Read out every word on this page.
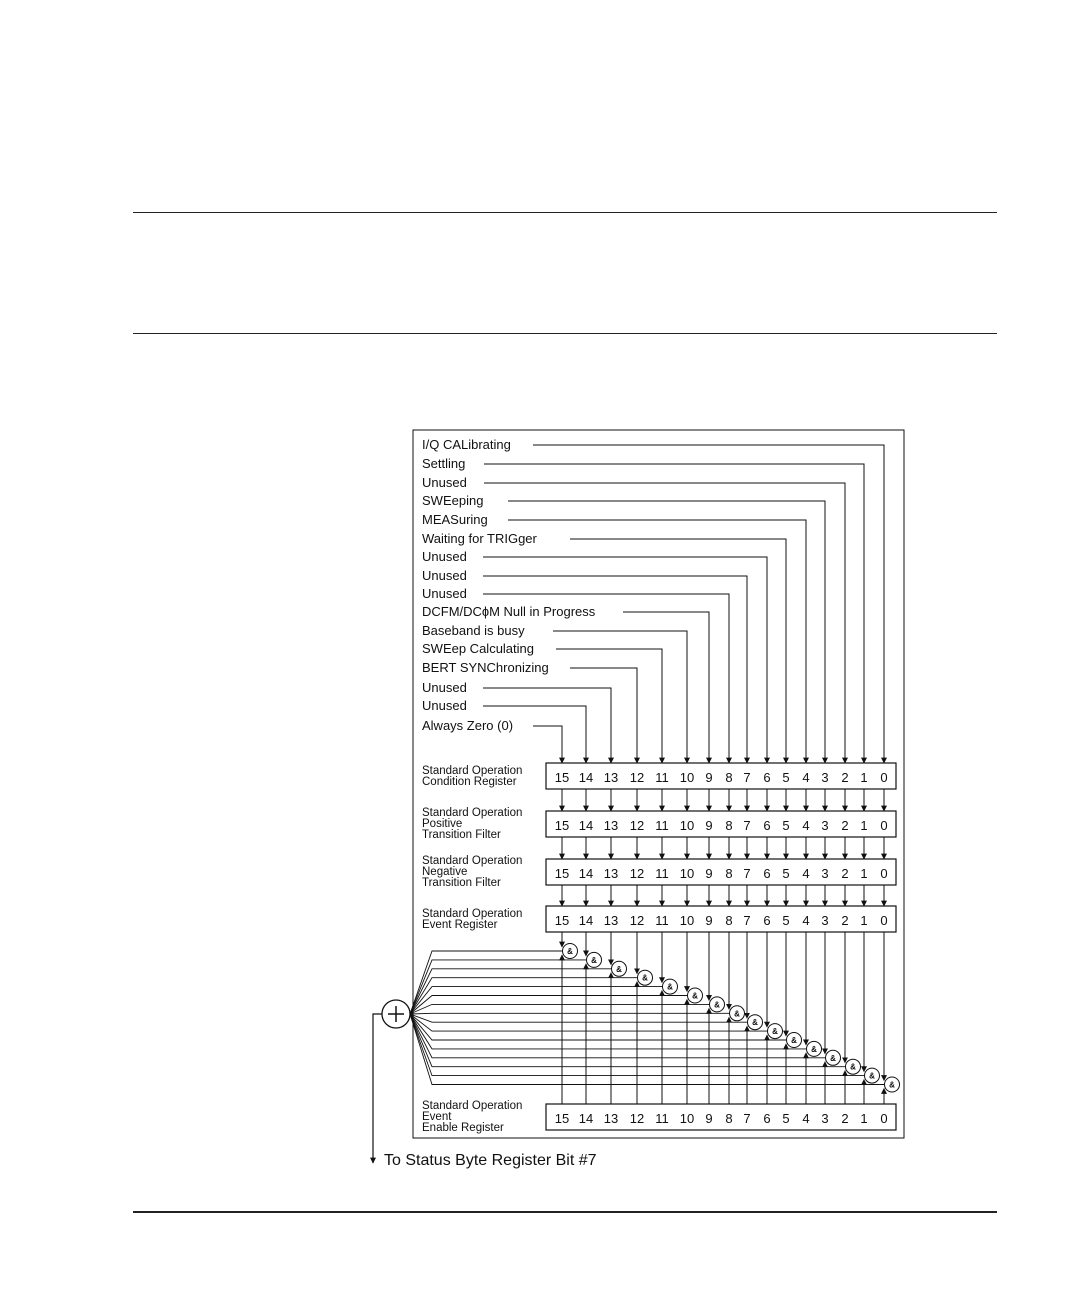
I/Q CALibrating
Settling
Unused
SWEeping
MEASuring
Waiting for TRIGger
Unused
Unused
Unused
DCFM/DCɸM Null in Progress
Baseband is busy
SWEep Calculating
BERT SYNChronizing
Unused
Unused
Always Zero (0)
Standard Operation
Condition Register	15 14 13 12 11 10 9 8 7 6 5 4 3 2 1 0
Standard Operation
Positive
Transition Filter
15 14 13 12 11 10 9 8 7 6 5 4 3 2 1 0
Standard Operation
Negative
Transition Filter
15 14 13 12 11 10 9 8 7 6 5 4 3 2 1 0
Standard Operation
Event Register	15 14 13 12 11 10 9 8 7 6 5 4 3 2 1 0
Standard Operation
Event
Enable Register
15 14 13 12 11 10 9 8 7 6 5 4 3 2 1 0
&
&
&
&
&
&
&
&
&
&
&
&
&
&
&
&
To Status Byte Register Bit #7
